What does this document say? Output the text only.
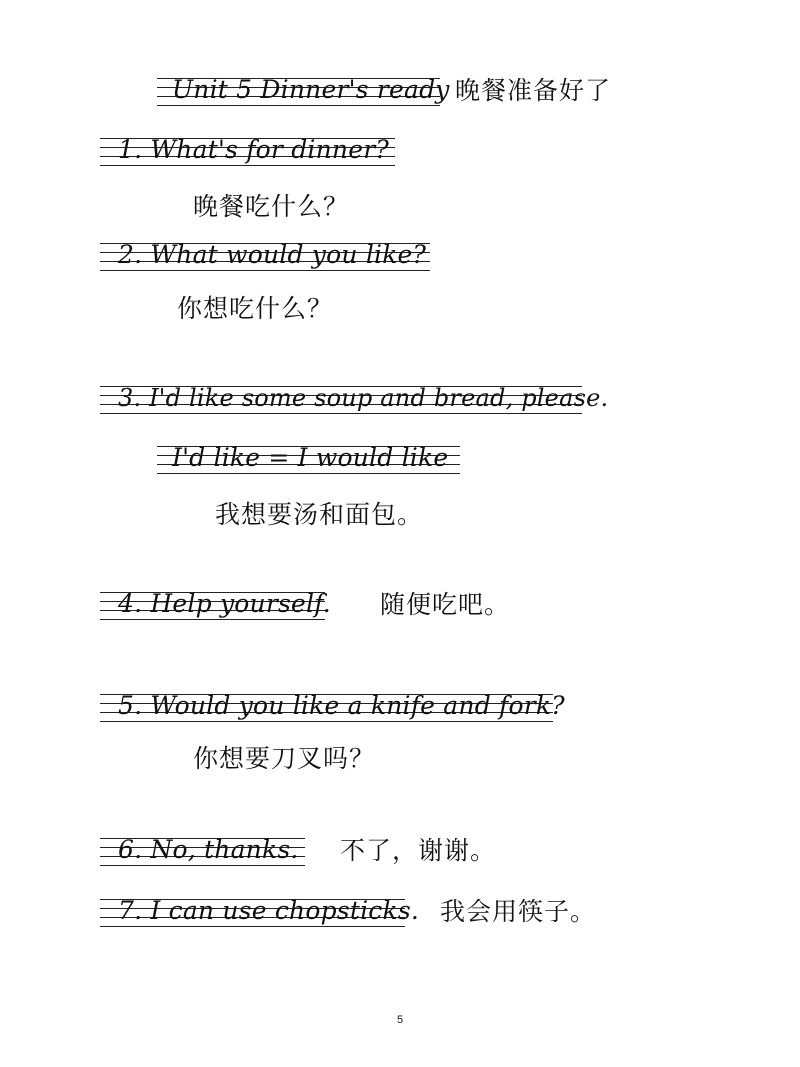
Unit 5 Dinner's ready 晚餐准备好了
1. What's for dinner?
晚餐吃什么？
2. What would you like?
你想吃什么？
3. I'd like some soup and bread, please.
I'd like = I would like
我想要汤和面包。
4. Help yourself. 随便吃吧。
5. Would you like a knife and fork?
你想要刀叉吗？
6. No, thanks. 不了，谢谢。
7. I can use chopsticks. 我会用筷子。
5
